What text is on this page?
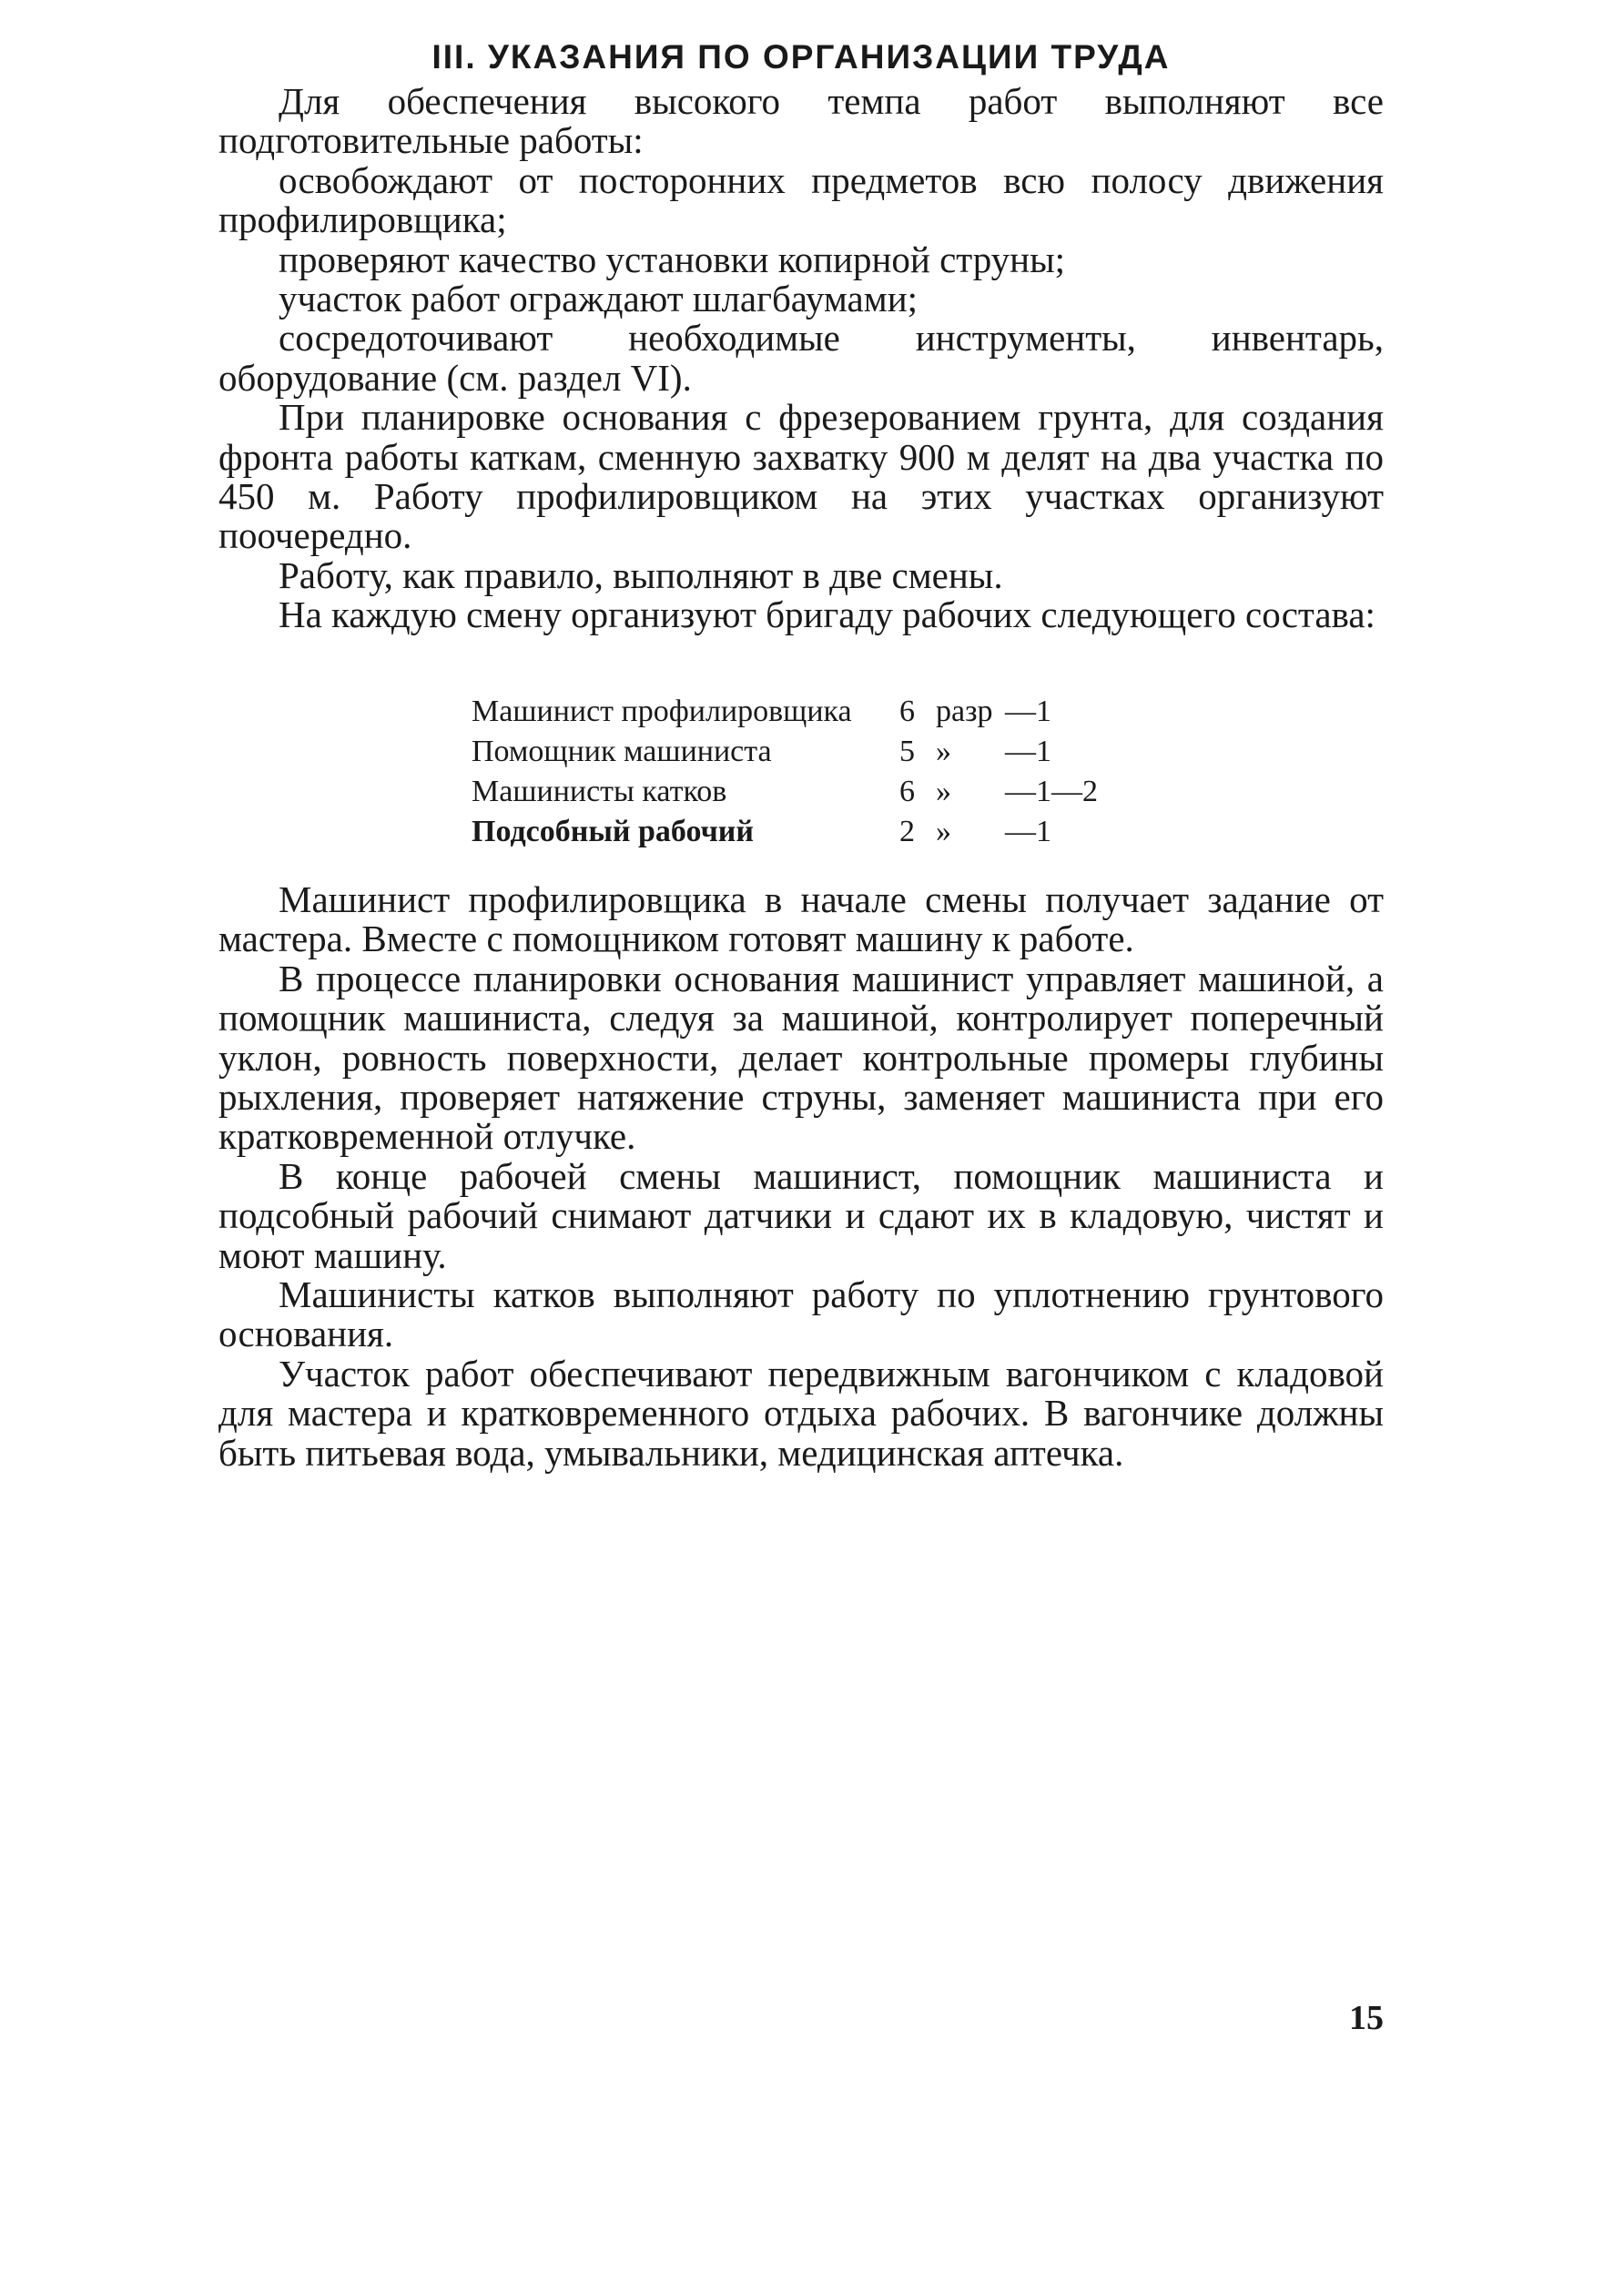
III. УКАЗАНИЯ ПО ОРГАНИЗАЦИИ ТРУДА

Для обеспечения высокого темпа работ выполняют все подготовительные работы:

освобождают от посторонних предметов всю полосу движения профилировщика;

проверяют качество установки копирной струны;

участок работ ограждают шлагбаумами;

сосредоточивают необходимые инструменты, инвентарь, оборудование (см. раздел VI).

При планировке основания с фрезерованием грунта, для создания фронта работы каткам, сменную захватку 900 м делят на два участка по 450 м. Работу профилировщиком на этих участках организуют поочередно.

Работу, как правило, выполняют в две смены.

На каждую смену организуют бригаду рабочих следующего состава:

Машинист профилировщика	6	разр	—1
Помощник машиниста	5	»	—1
Машинисты катков	6	»	—1—2
Подсобный рабочий	2	»	—1

Машинист профилировщика в начале смены получает задание от мастера. Вместе с помощником готовят машину к работе.

В процессе планировки основания машинист управляет машиной, а помощник машиниста, следуя за машиной, контролирует поперечный уклон, ровность поверхности, делает контрольные промеры глубины рыхления, проверяет натяжение струны, заменяет машиниста при его кратковременной отлучке.

В конце рабочей смены машинист, помощник машиниста и подсобный рабочий снимают датчики и сдают их в кладовую, чистят и моют машину.

Машинисты катков выполняют работу по уплотнению грунтового основания.

Участок работ обеспечивают передвижным вагончиком с кладовой для мастера и кратковременного отдыха рабочих. В вагончике должны быть питьевая вода, умывальники, медицинская аптечка.

15
